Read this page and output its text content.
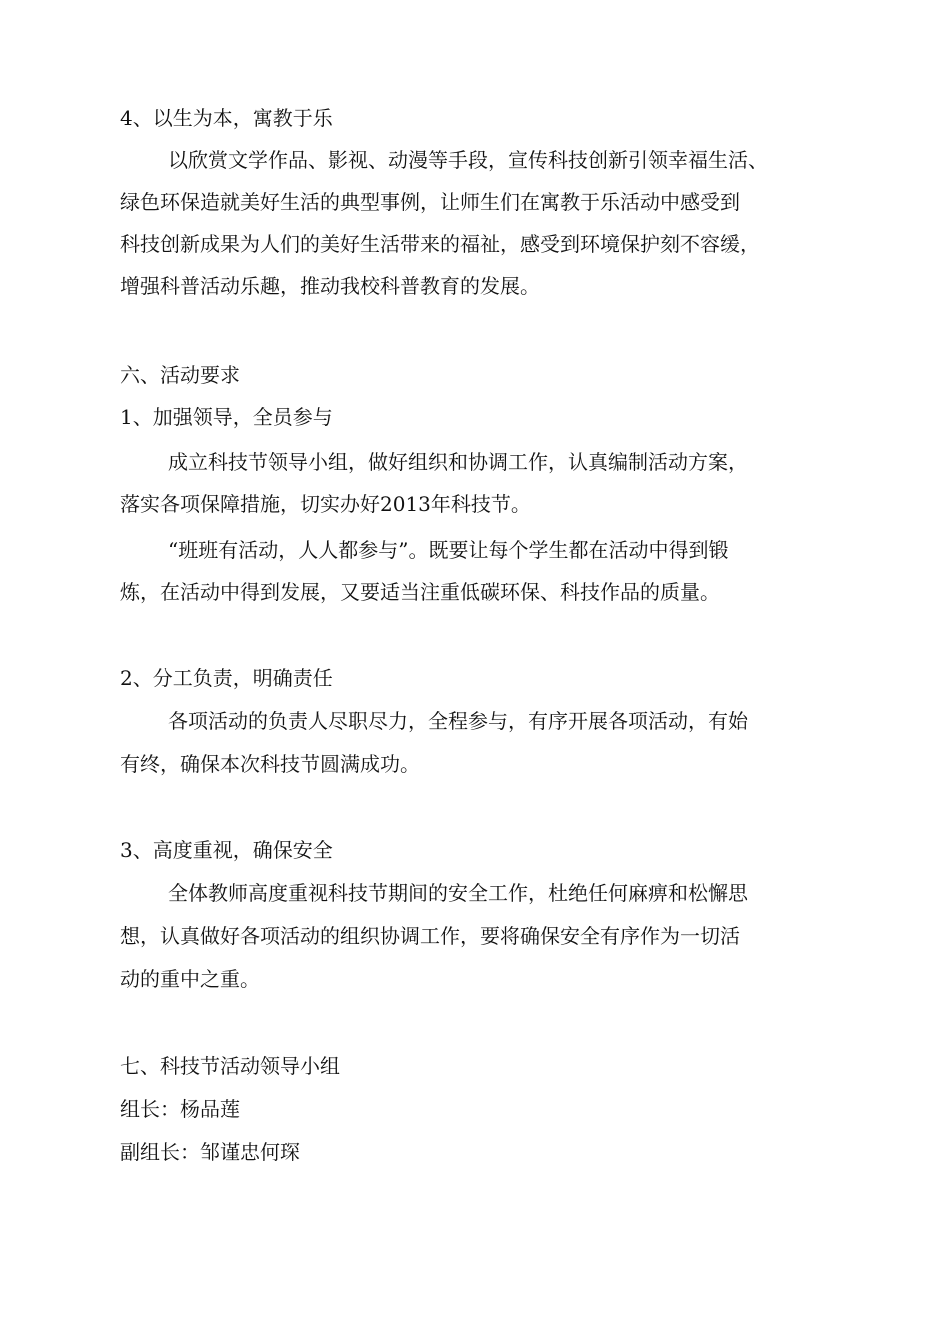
4、以生为本，寓教于乐
以欣赏文学作品、影视、动漫等手段，宣传科技创新引领幸福生活、
绿色环保造就美好生活的典型事例，让师生们在寓教于乐活动中感受到
科技创新成果为人们的美好生活带来的福祉，感受到环境保护刻不容缓，
增强科普活动乐趣，推动我校科普教育的发展。
六、活动要求
1、加强领导，全员参与
成立科技节领导小组，做好组织和协调工作，认真编制活动方案，
落实各项保障措施，切实办好2013年科技节。
“班班有活动，人人都参与”。既要让每个学生都在活动中得到锻
炼，在活动中得到发展，又要适当注重低碳环保、科技作品的质量。
2、分工负责，明确责任
各项活动的负责人尽职尽力，全程参与，有序开展各项活动，有始
有终，确保本次科技节圆满成功。
3、高度重视，确保安全
全体教师高度重视科技节期间的安全工作，杜绝任何麻痹和松懈思
想，认真做好各项活动的组织协调工作，要将确保安全有序作为一切活
动的重中之重。
七、科技节活动领导小组
组长：杨品莲
副组长：邹谨忠何琛
